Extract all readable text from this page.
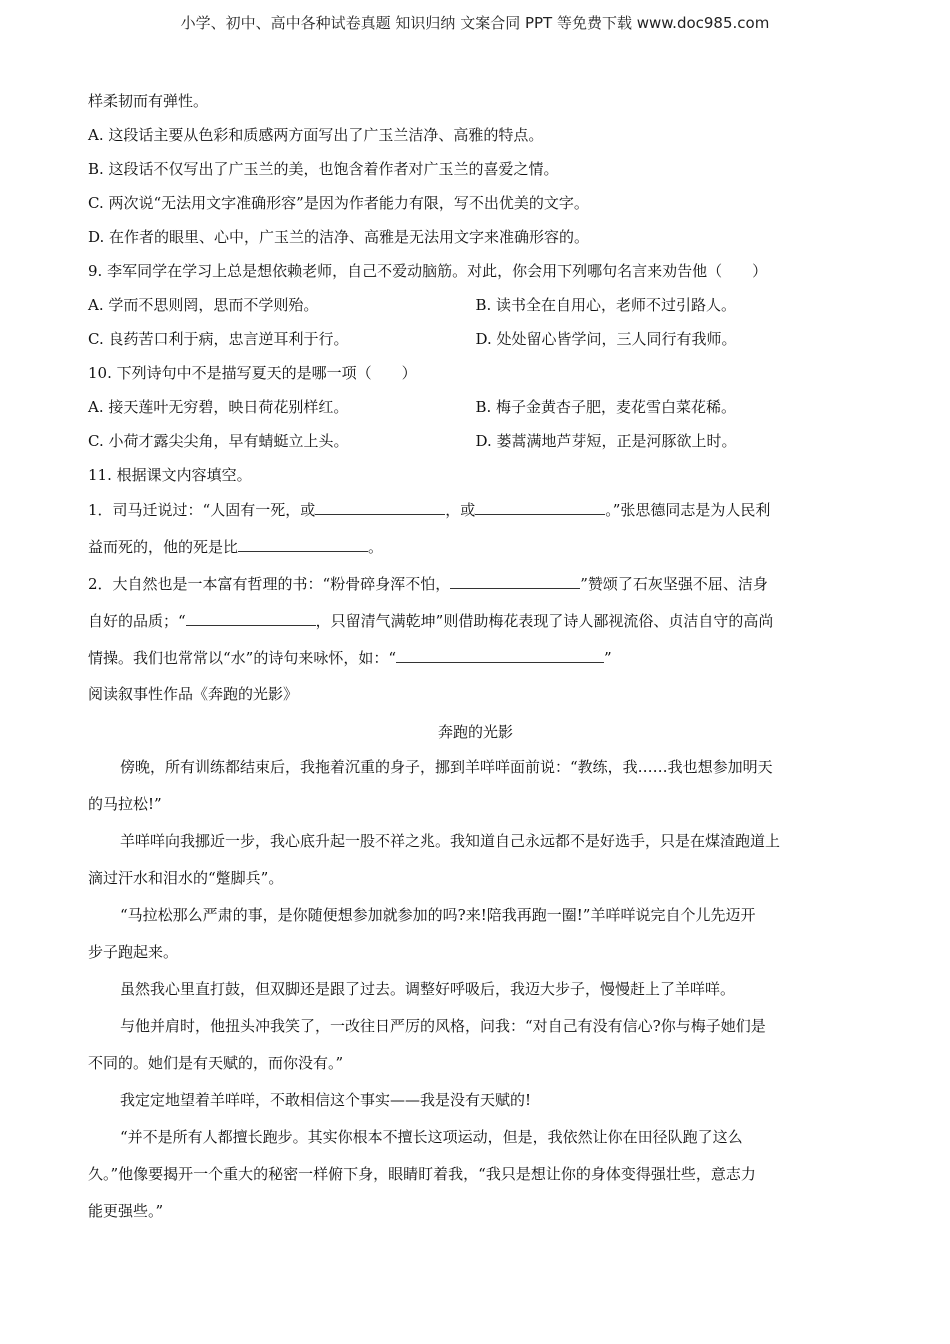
小学、初中、高中各种试卷真题 知识归纳 文案合同 PPT 等免费下载 www.doc985.com
样柔韧而有弹性。
A. 这段话主要从色彩和质感两方面写出了广玉兰洁净、高雅的特点。
B. 这段话不仅写出了广玉兰的美，也饱含着作者对广玉兰的喜爱之情。
C. 两次说“无法用文字准确形容”是因为作者能力有限，写不出优美的文字。
D. 在作者的眼里、心中，广玉兰的洁净、高雅是无法用文字来准确形容的。
9. 李军同学在学习上总是想依赖老师，自己不爱动脑筋。对此，你会用下列哪句名言来劝告他（　　）
A. 学而不思则罔，思而不学则殆。	B. 读书全在自用心，老师不过引路人。
C. 良药苦口利于病，忠言逆耳利于行。	D. 处处留心皆学问，三人同行有我师。
10. 下列诗句中不是描写夏天的是哪一项（　　）
A. 接天莲叶无穷碧，映日荷花别样红。	B. 梅子金黄杏子肥，麦花雪白菜花稀。
C. 小荷才露尖尖角，早有蜻蜓立上头。	D. 蒌蒿满地芦芽短，正是河豚欲上时。
11. 根据课文内容填空。
1．司马迁说过：“人固有一死，或	，或	。”张思德同志是为人民利
益而死的，他的死是比	。
2．大自然也是一本富有哲理的书：“粉骨碎身浑不怕，	”赞颂了石灰坚强不屈、洁身
自好的品质；“	，只留清气满乾坤”则借助梅花表现了诗人鄙视流俗、贞洁自守的高尚
情操。我们也常常以“水”的诗句来咏怀，如：“	”
阅读叙事性作品《奔跑的光影》
奔跑的光影
傍晚，所有训练都结束后，我拖着沉重的身子，挪到羊咩咩面前说：“教练，我……我也想参加明天
的马拉松!”
羊咩咩向我挪近一步，我心底升起一股不祥之兆。我知道自己永远都不是好选手，只是在煤渣跑道上
滴过汗水和泪水的“蹩脚兵”。
“马拉松那么严肃的事，是你随便想参加就参加的吗?来!陪我再跑一圈!”羊咩咩说完自个儿先迈开
步子跑起来。
虽然我心里直打鼓，但双脚还是跟了过去。调整好呼吸后，我迈大步子，慢慢赶上了羊咩咩。
与他并肩时，他扭头冲我笑了，一改往日严厉的风格，问我：“对自己有没有信心?你与梅子她们是
不同的。她们是有天赋的，而你没有。”
我定定地望着羊咩咩，不敢相信这个事实——我是没有天赋的!
“并不是所有人都擅长跑步。其实你根本不擅长这项运动，但是，我依然让你在田径队跑了这么
久。”他像要揭开一个重大的秘密一样俯下身，眼睛盯着我，“我只是想让你的身体变得强壮些，意志力
能更强些。”
